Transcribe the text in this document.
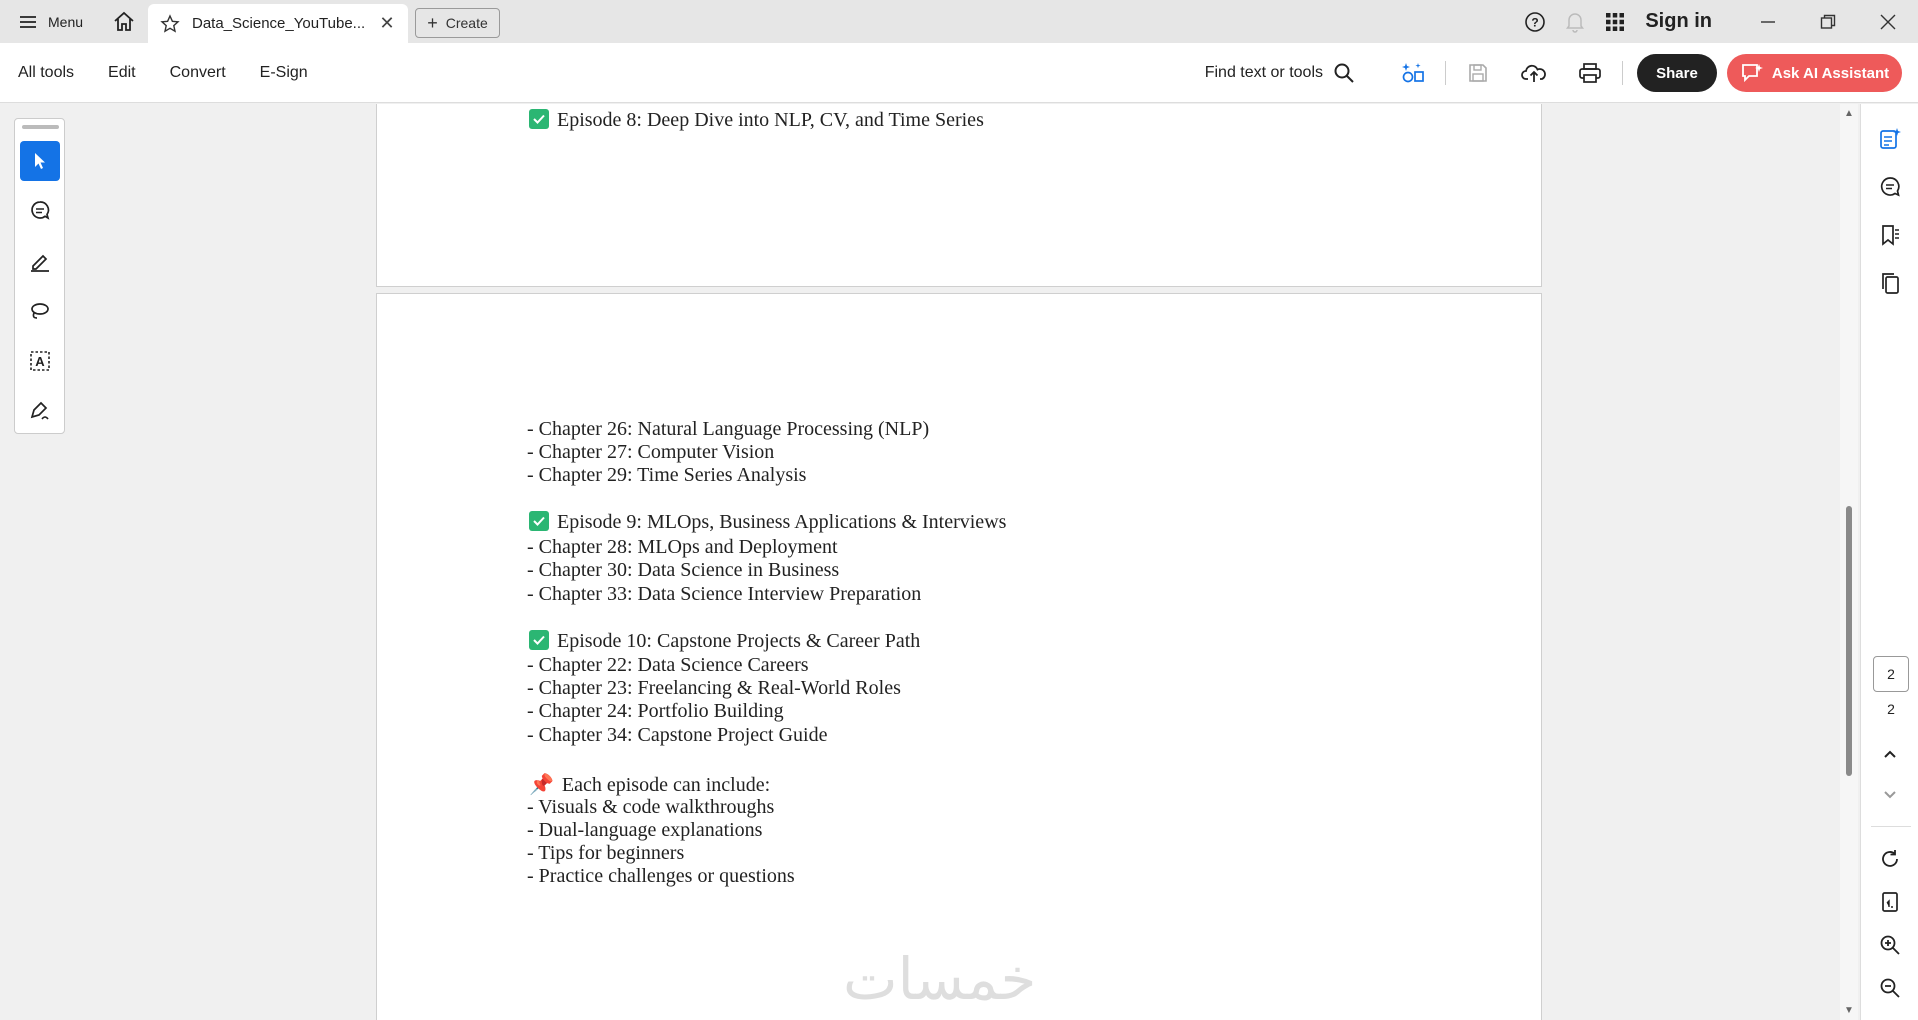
Menu	Data_Science_YouTube... ✕ + Create	?	Sign in
All tools	Edit	Convert	E-Sign	Find text or tools	Share	Ask AI Assistant
A
Episode 8: Deep Dive into NLP, CV, and Time Series
- Chapter 26: Natural Language Processing (NLP)
- Chapter 27: Computer Vision
- Chapter 29: Time Series Analysis
Episode 9: MLOps, Business Applications & Interviews
- Chapter 28: MLOps and Deployment
- Chapter 30: Data Science in Business
- Chapter 33: Data Science Interview Preparation
Episode 10: Capstone Projects & Career Path
- Chapter 22: Data Science Careers
- Chapter 23: Freelancing & Real-World Roles
- Chapter 24: Portfolio Building
- Chapter 34: Capstone Project Guide
📌 Each episode can include:
- Visuals & code walkthroughs
- Dual-language explanations
- Tips for beginners
- Practice challenges or questions
خمسات
▲
▼
2
2
